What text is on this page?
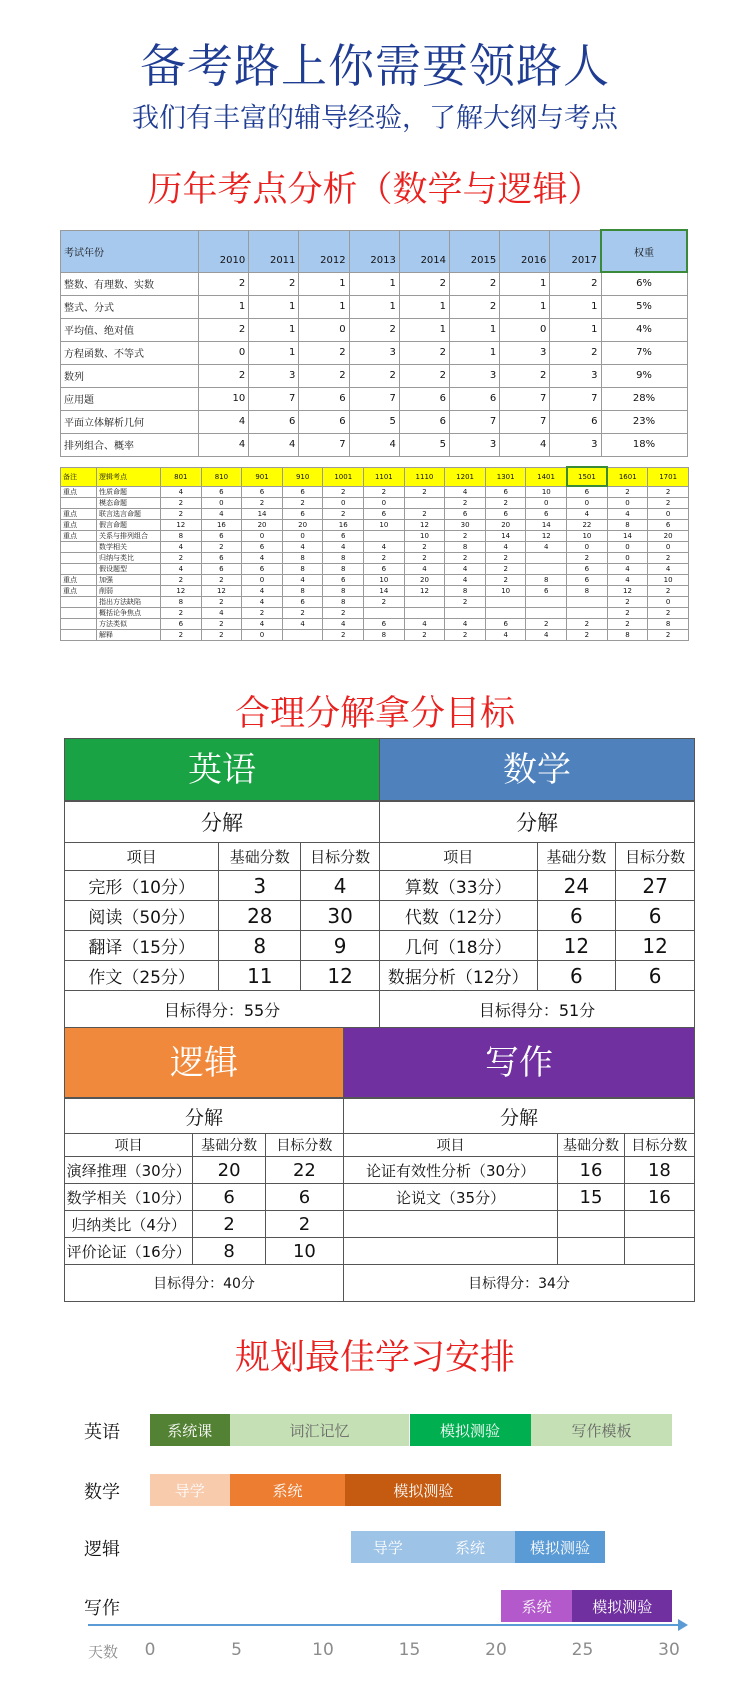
备考路上你需要领路人
我们有丰富的辅导经验，了解大纲与考点
历年考点分析（数学与逻辑）
考试年份	2010	2011	2012	2013	2014	2015	2016	2017	权重
整数、有理数、实数	2	2	1	1	2	2	1	2	6%
整式、分式	1	1	1	1	1	2	1	1	5%
平均值、绝对值	2	1	0	2	1	1	0	1	4%
方程函数、不等式	0	1	2	3	2	1	3	2	7%
数列	2	3	2	2	2	3	2	3	9%
应用题	10	7	6	7	6	6	7	7	28%
平面立体解析几何	4	6	6	5	6	7	7	6	23%
排列组合、概率	4	4	7	4	5	3	4	3	18%
备注	逻辑考点	801	810	901	910	1001	1101	1110	1201	1301	1401	1501	1601	1701
重点	性质命题	4	6	6	6	2	2	2	4	6	10	6	2	2
	模态命题	2	0	2	2	0	0		2	2	0	0	0	2
重点	联言选言命题	2	4	14	6	2	6	2	6	6	6	4	4	0
重点	假言命题	12	16	20	20	16	10	12	30	20	14	22	8	6
重点	关系与排列组合	8	6	0	0	6		10	2	14	12	10	14	20
	数学相关	4	2	6	4	4	4	2	8	4	4	0	0	0
	归纳与类比	2	6	4	8	8	2	2	2	2		2	0	2
	假设题型	4	6	6	8	8	6	4	4	2		6	4	4
重点	加强	2	2	0	4	6	10	20	4	2	8	6	4	10
重点	削弱	12	12	4	8	8	14	12	8	10	6	8	12	2
	指出方法缺陷	8	2	4	6	8	2		2				2	0
	概括论争焦点	2	4	2	2	2							2	2
	方法类似	6	2	4	4	4	6	4	4	6	2	2	2	8
	解释	2	2	0		2	8	2	2	4	4	2	8	2
合理分解拿分目标
英语
分解		
项目	基础分数	目标分数
完形（10分）	3	4
阅读（50分）	28	30
翻译（15分）	8	9
作文（25分）	11	12
目标得分：55分		
数学
分解		
项目	基础分数	目标分数
算数（33分）	24	27
代数（12分）	6	6
几何（18分）	12	12
数据分析（12分）	6	6
目标得分：51分		
逻辑
分解		
项目	基础分数	目标分数
演绎推理（30分）	20	22
数学相关（10分）	6	6
归纳类比（4分）	2	2
评价论证（16分）	8	10
目标得分：40分		
写作
分解		
项目	基础分数	目标分数
论证有效性分析（30分）	16	18
论说文（35分）	15	16

目标得分：34分		
规划最佳学习安排
天数 0	5	10	15	20	25	30
英语	系统课	词汇记忆	模拟测验	写作模板
数学	导学	系统	模拟测验
逻辑	导学	系统	模拟测验
写作	系统	模拟测验
